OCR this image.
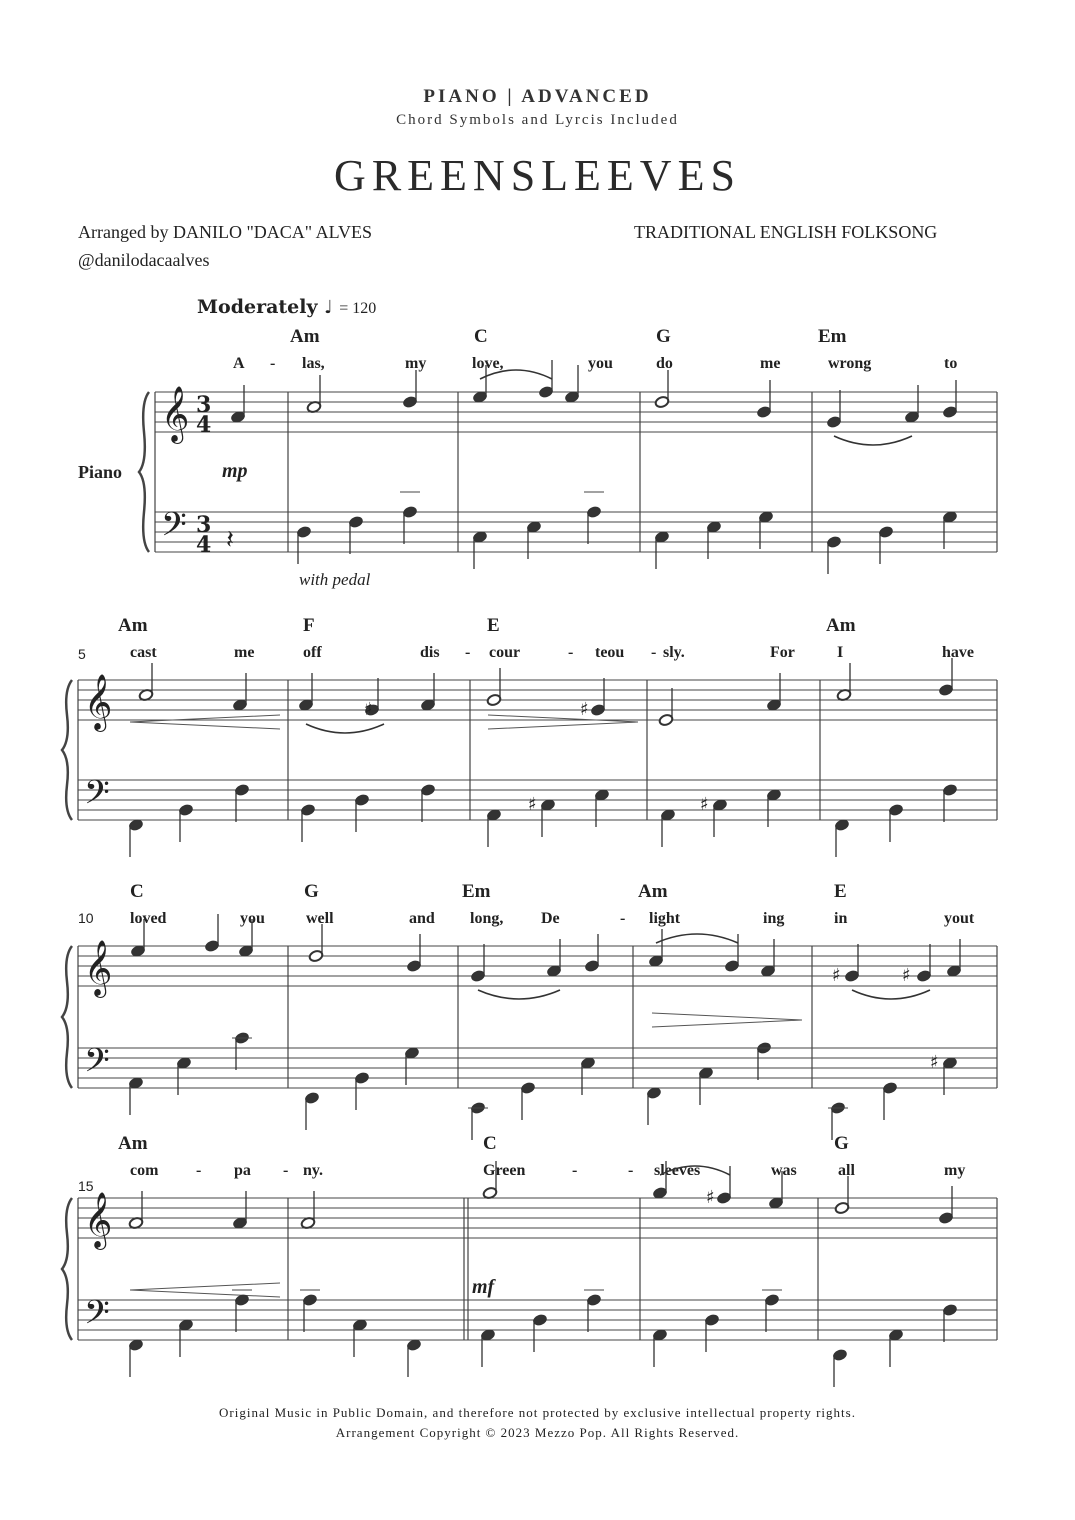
PIANO | ADVANCED
Chord Symbols and Lyrcis Included
GREENSLEEVES
Arranged by DANILO "DACA" ALVES
@danilodacaalves
TRADITIONAL ENGLISH FOLKSONG
Moderately ♩ = 120
Piano
with pedal
mp
mf
Am	C	G	Em
A - las,	my	love,	you	do	me	wrong	to
Am	F	E	Am
cast	me	off	dis - cour	- teou - sly.	For	I	have
C	G	Em	Am	E
loved	you	well	and long, De	- light	ing	in	yout
Am	C	G
com - pa - ny.	Green	-	- sleeves	was	all	my
5
10
15
𝄞
𝄢
𝄞
𝄢
𝄞
𝄢
𝄞
𝄢
3
4
3
4 𝄽
♯	♯
♯	♯
♯	♯
♯
♯
Original Music in Public Domain, and therefore not protected by exclusive intellectual property rights.
Arrangement Copyright © 2023 Mezzo Pop. All Rights Reserved.
